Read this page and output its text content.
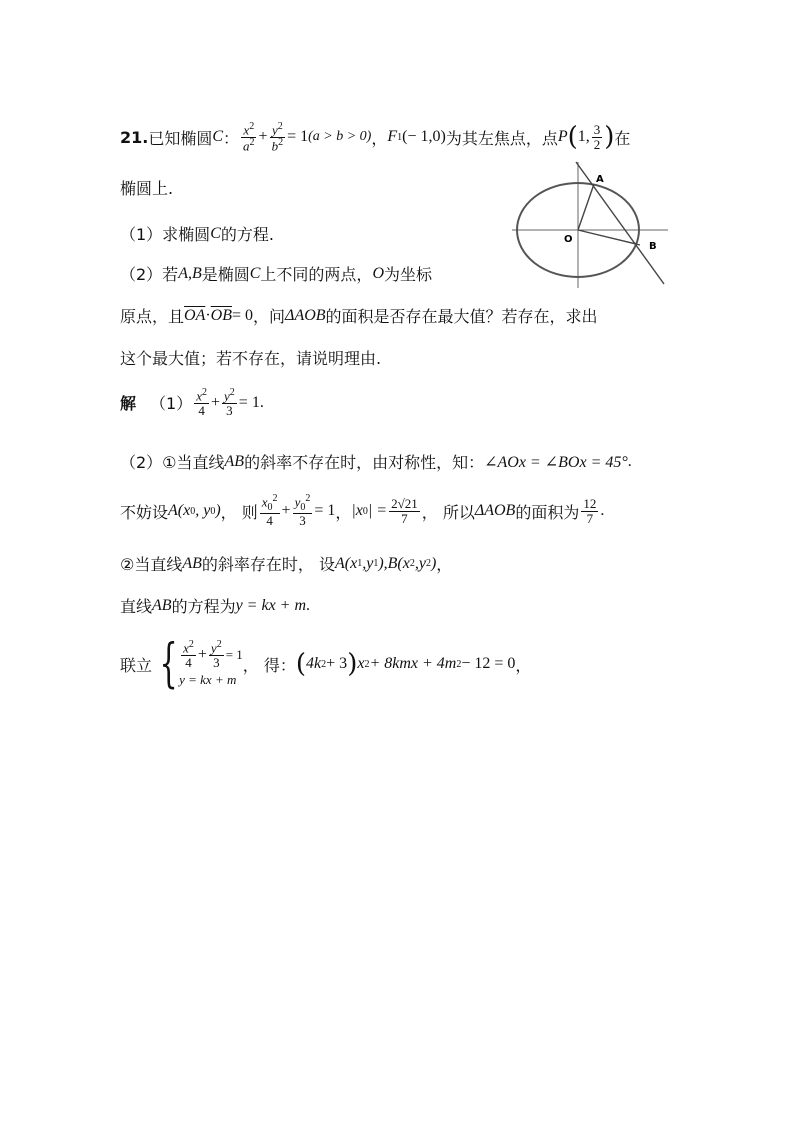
21. 已知椭圆 C ： $\frac{x^2}{a^2} + \frac{y^2}{b^2} = 1$ (a > b > 0) ， F 1 (− 1,0) 为其左焦点，点 P ( 1, $\frac{3}{2}$ ) 在
椭圆上.
（1）求椭圆 C 的方程.
（2）若 A,B 是椭圆 C 上不同的两点， O 为坐标
原点，且 $\overline{OA} \cdot \overline{OB} = 0$ ，问 ΔAOB 的面积是否存在最大值？若存在，求出
这个最大值；若不存在，请说明理由.
解 $(1) \frac{x^2}{4} + \frac{y^2}{3} = 1$ .
（2）①当直线 AB 的斜率不存在时，由对称性，知： ∠AOx = ∠BOx = 45° .
不妨设 A(x 0 , y 0 ) ， 则 $\frac{x_0^2}{4} + \frac{y_0^2}{3} = 1$ ， |x 0 | = $\frac{2√21}{7}$ ， 所以 ΔAOB 的面积为 $\frac{12}{7}$ .
②当直线 AB 的斜率存在时， 设 A(x 1 ,y 1 ),B(x 2 ,y 2 ) ，
直线 AB 的方程为 y = kx + m .
联立 { $\frac{x^2}{4} + \frac{y^2}{3} = 1$
y = kx + m
， 得： ( 4k 2 + 3 ) x 2 + 8kmx + 4m 2 − 12 = 0 ，
A
B
O
